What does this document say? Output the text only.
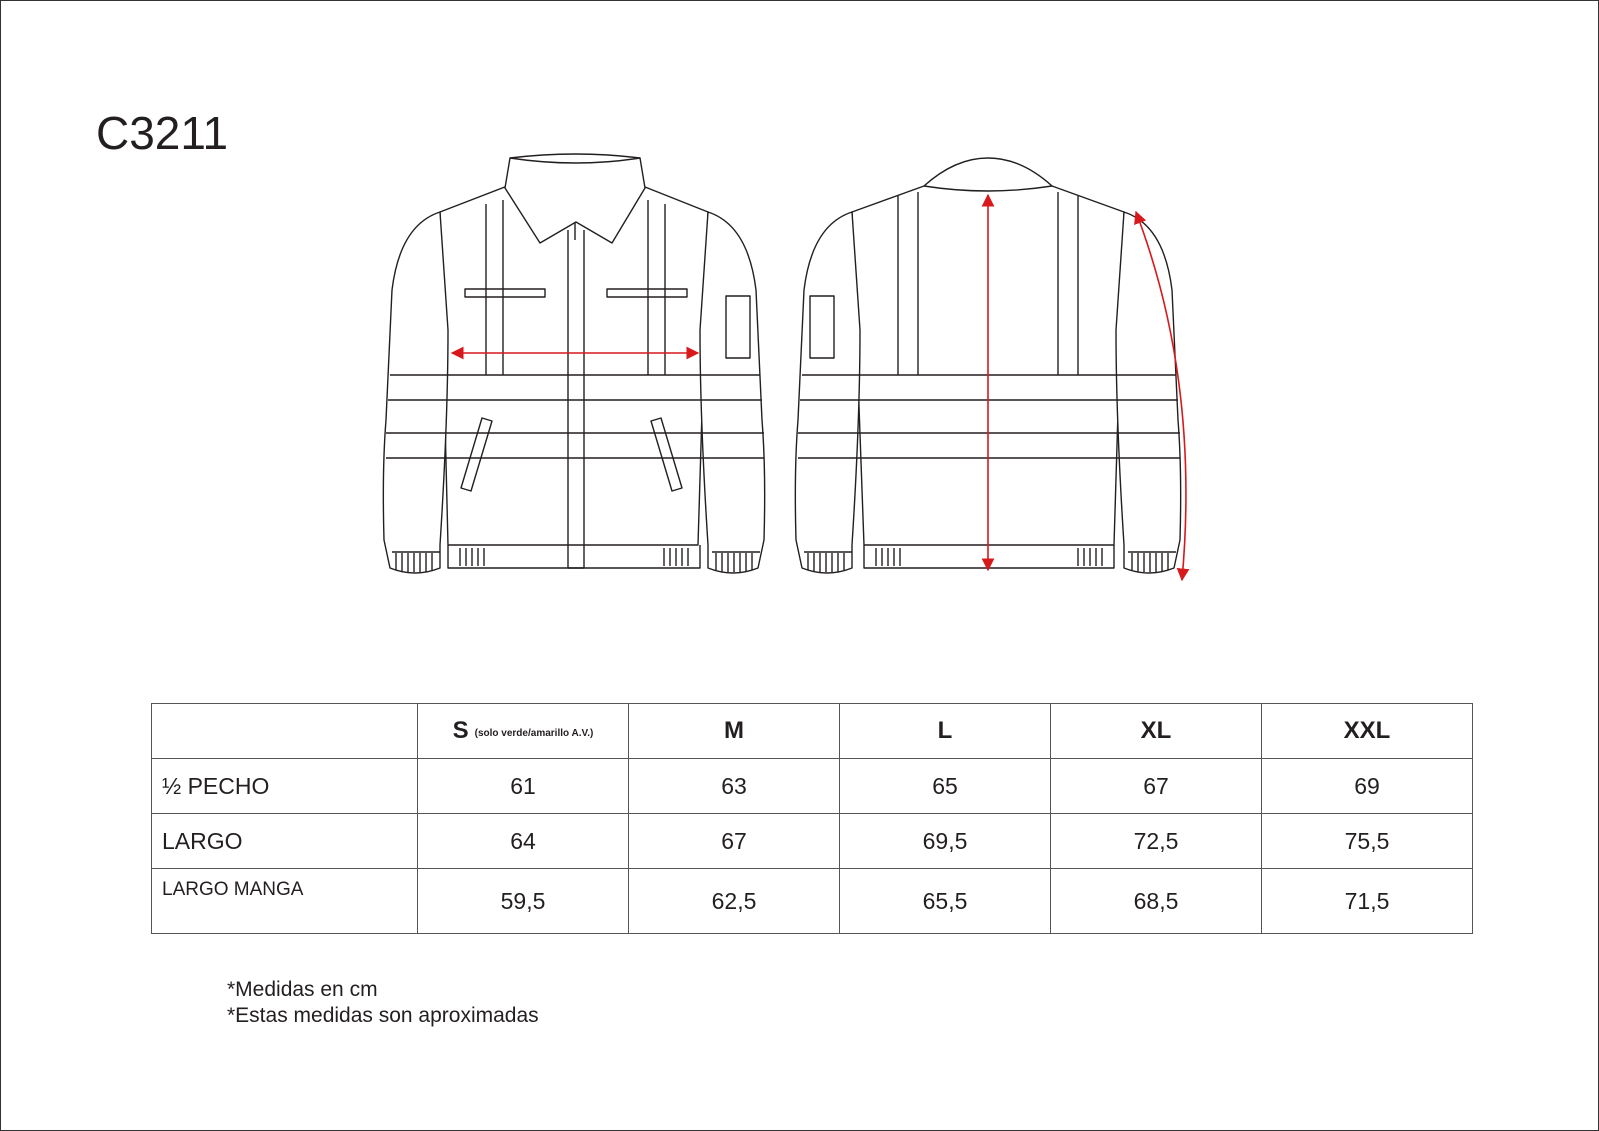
C3211
	S (solo verde/amarillo A.V.)	M	L	XL	XXL
½ PECHO	61	63	65	67	69
LARGO	64	67	69,5	72,5	75,5
LARGO MANGA	59,5	62,5	65,5	68,5	71,5
*Medidas en cm
*Estas medidas son aproximadas
